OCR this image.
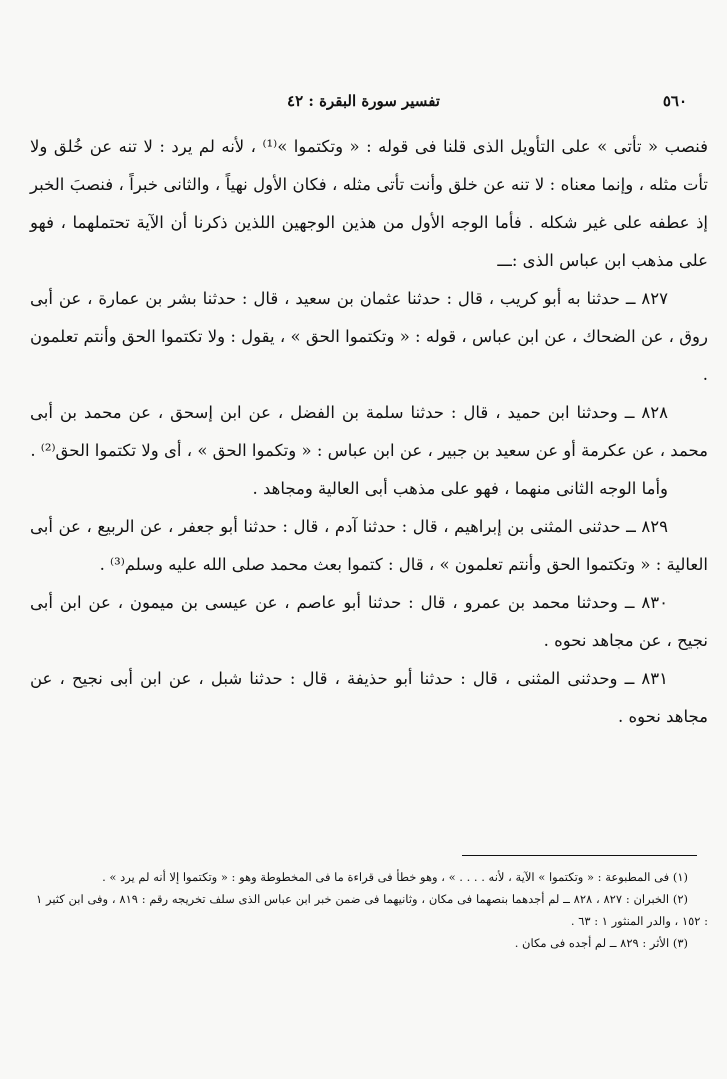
٥٦٠
تفسير سورة البقرة : ٤٢

فنصب « تأتى » على التأويل الذى قلنا فى قوله : « وتكتموا »⁽¹⁾ ، لأنه لم يرد : لا تنه عن خُلق ولا تأت مثله ، وإنما معناه : لا تنه عن خلق وأنت تأتى مثله ، فكان الأول نهياً ، والثانى خبراً ، فنصبَ الخبر إذ عطفه على غير شكله . فأما الوجه الأول من هذين الوجهين اللذين ذكرنا أن الآية تحتملهما ، فهو على مذهب ابن عباس الذى :ـــ

٨٢٧ ــ حدثنا به أبو كريب ، قال : حدثنا عثمان بن سعيد ، قال : حدثنا بشر بن عمارة ، عن أبى روق ، عن الضحاك ، عن ابن عباس ، قوله : « وتكتموا الحق » ، يقول : ولا تكتموا الحق وأنتم تعلمون .

٨٢٨ ــ وحدثنا ابن حميد ، قال : حدثنا سلمة بن الفضل ، عن ابن إسحق ، عن محمد بن أبى محمد ، عن عكرمة أو عن سعيد بن جبير ، عن ابن عباس : « وتكموا الحق » ، أى ولا تكتموا الحق⁽²⁾ .

وأما الوجه الثانى منهما ، فهو على مذهب أبى العالية ومجاهد .

٨٢٩ ــ حدثنى المثنى بن إبراهيم ، قال : حدثنا آدم ، قال : حدثنا أبو جعفر ، عن الربيع ، عن أبى العالية : « وتكتموا الحق وأنتم تعلمون » ، قال : كتموا بعث محمد صلى الله عليه وسلم⁽³⁾ .

٨٣٠ ــ وحدثنا محمد بن عمرو ، قال : حدثنا أبو عاصم ، عن عيسى بن ميمون ، عن ابن أبى نجيح ، عن مجاهد نحوه .

٨٣١ ــ وحدثنى المثنى ، قال : حدثنا أبو حذيفة ، قال : حدثنا شبل ، عن ابن أبى نجيح ، عن مجاهد نحوه .

(١) فى المطبوعة : « وتكتموا » الآية ، لأنه . . . . » ، وهو خطأ فى قراءة ما فى المخطوطة وهو : « وتكتموا إلا أنه لم يرد » .

(٢) الخبران : ٨٢٧ ، ٨٢٨ ــ لم أجدهما بنصهما فى مكان ، وثانيهما فى ضمن خبر ابن عباس الذى سلف تخريجه رقم : ٨١٩ ، وفى ابن كثير ١ : ١٥٢ ، والدر المنثور ١ : ٦٣ .

(٣) الأثر : ٨٢٩ ــ لم أجده فى مكان .
